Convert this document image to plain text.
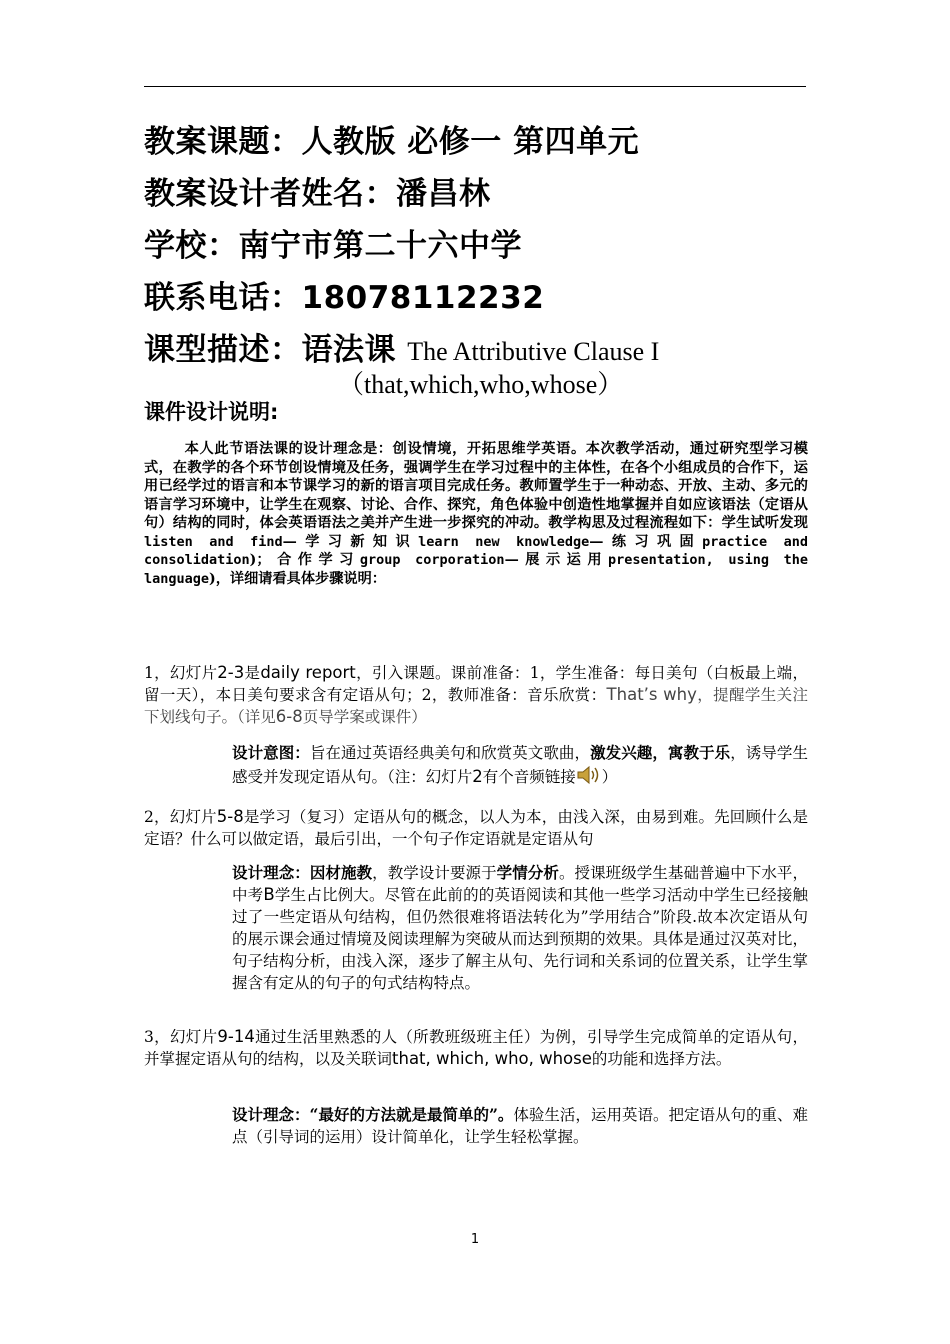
教案课题：人教版 必修一 第四单元
教案设计者姓名：潘昌林
学校：南宁市第二十六中学
联系电话：18078112232
课型描述：语法课 The Attributive Clause I
（that,which,who,whose）
课件设计说明:
本人此节语法课的设计理念是：创设情境，开拓思维学英语。本次教学活动，通过研究型学习模式，在教学的各个环节创设情境及任务，强调学生在学习过程中的主体性，在各个小组成员的合作下，运用已经学过的语言和本节课学习的新的语言项目完成任务。教师置学生于一种动态、开放、主动、多元的语言学习环境中，让学生在观察、讨论、合作、探究，角色体验中创造性地掌握并自如应该语法（定语从句）结构的同时，体会英语语法之美并产生进一步探究的冲动。教学构思及过程流程如下：学生试听发现listen and find—学习新知识learn new knowledge—练习巩固practice and consolidation)；合作学习group corporation—展示运用presentation, using the language)，详细请看具体步骤说明：
1，幻灯片2-3是daily report，引入课题。课前准备：1，学生准备：每日美句（白板最上端，留一天），本日美句要求含有定语从句；2，教师准备：音乐欣赏：That’s why，提醒学生关注下划线句子。（详见6-8页导学案或课件）
设计意图：旨在通过英语经典美句和欣赏英文歌曲，激发兴趣，寓教于乐，诱导学生感受并发现定语从句。（注：幻灯片2有个音频链接 ）
2，幻灯片5-8是学习（复习）定语从句的概念，以人为本，由浅入深，由易到难。先回顾什么是定语？什么可以做定语，最后引出，一个句子作定语就是定语从句
设计理念：因材施教，教学设计要源于学情分析。授课班级学生基础普遍中下水平，中考B学生占比例大。尽管在此前的的英语阅读和其他一些学习活动中学生已经接触过了一些定语从句结构，但仍然很难将语法转化为”学用结合”阶段.故本次定语从句的展示课会通过情境及阅读理解为突破从而达到预期的效果。具体是通过汉英对比，句子结构分析，由浅入深，逐步了解主从句、先行词和关系词的位置关系，让学生掌握含有定从的句子的句式结构特点。
3，幻灯片9-14通过生活里熟悉的人（所教班级班主任）为例，引导学生完成简单的定语从句，并掌握定语从句的结构，以及关联词that, which, who, whose的功能和选择方法。
设计理念：“最好的方法就是最简单的”。体验生活，运用英语。把定语从句的重、难点（引导词的运用）设计简单化，让学生轻松掌握。
1
